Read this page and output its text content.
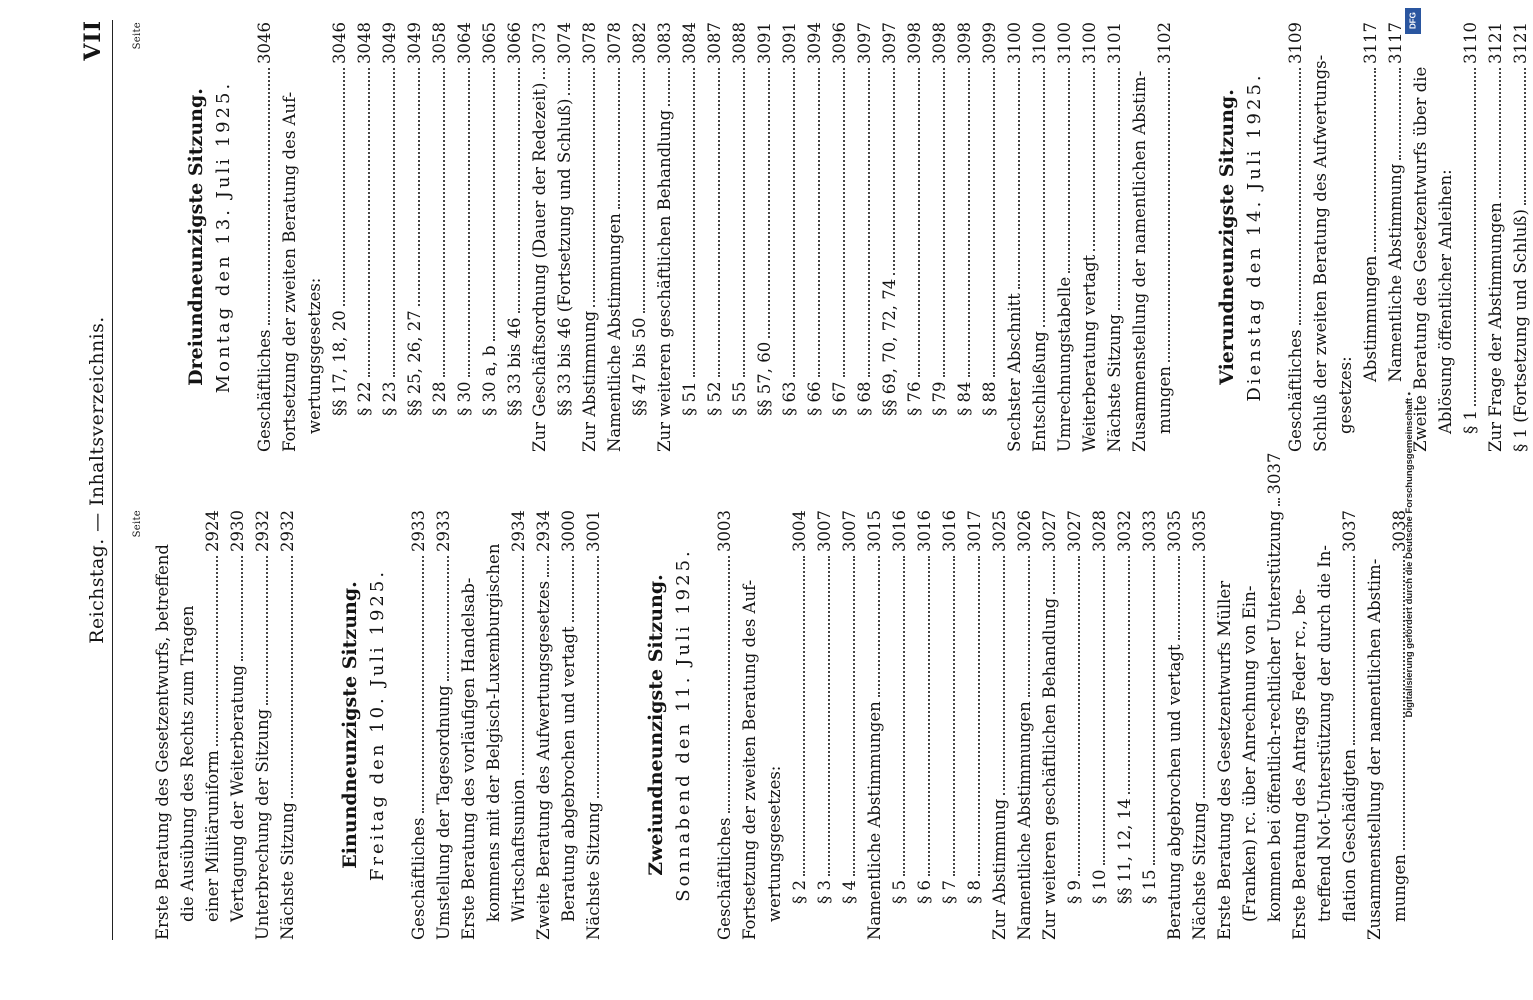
Reichstag. — Inhaltsverzeichnis.
VII
Seite
Erste Beratung des Gesetzentwurfs, betreffend die Ausübung des Rechts zum Tragen einer Militäruniform
2924
Vertagung der Weiterberatung
2930
Unterbrechung der Sitzung
2932
Nächste Sitzung
2932
Einundneunzigste Sitzung. Freitag den 10. Juli 1925. Geschäftliches
2933
Umstellung der Tagesordnung
2933
Erste Beratung des vorläufigen Handelsab- kommens mit der Belgisch-Luxemburgischen Wirtschaftsunion
2934
Zweite Beratung des Aufwertungsgesetzes
2934
Beratung abgebrochen und vertagt
3000
Nächste Sitzung
3001
Zweiundneunzigste Sitzung. Sonnabend den 11. Juli 1925. Geschäftliches
3003
Fortsetzung der zweiten Beratung des Auf- wertungsgesetzes: § 2
3004
§ 3
3007
§ 4
3007
Namentliche Abstimmungen
3015
§ 5
3016
§ 6
3016
§ 7
3016
§ 8
3017
Zur Abstimmung
3025
Namentliche Abstimmungen
3026
Zur weiteren geschäftlichen Behandlung
3027
§ 9
3027
§ 10
3028
§§ 11, 12, 14
3032
§ 15
3033
Beratung abgebrochen und vertagt
3035
Nächste Sitzung
3035
Erste Beratung des Gesetzentwurfs Müller (Franken) rc. über Anrechnung von Ein- kommen bei öffentlich-rechtlicher Unterstützung
3037
Erste Beratung des Antrags Feder rc., be- treffend Not-Unterstützung der durch die In- flation Geschädigten
3037
Zusammenstellung der namentlichen Abstim- mungen
3038
Seite
Dreiundneunzigste Sitzung. Montag den 13. Juli 1925. Geschäftliches
3046
Fortsetzung der zweiten Beratung des Auf- wertungsgesetzes: §§ 17, 18, 20
3046
§ 22
3048
§ 23
3049
§§ 25, 26, 27
3049
§ 28
3058
§ 30
3064
§ 30 a, b
3065
§§ 33 bis 46
3066
Zur Geschäftsordnung (Dauer der Redezeit)
3073
§§ 33 bis 46 (Fortsetzung und Schluß)
3074
Zur Abstimmung
3078
Namentliche Abstimmungen
3078
§§ 47 bis 50
3082
Zur weiteren geschäftlichen Behandlung
3083
§ 51
3084
§ 52
3087
§ 55
3088
§§ 57, 60
3091
§ 63
3091
§ 66
3094
§ 67
3096
§ 68
3097
§§ 69, 70, 72, 74
3097
§ 76
3098
§ 79
3098
§ 84
3098
§ 88
3099
Sechster Abschnitt
3100
Entschließung
3100
Umrechnungstabelle
3100
Weiterberatung vertagt
3100
Nächste Sitzung
3101
Zusammenstellung der namentlichen Abstim- mungen
3102
Vierundneunzigste Sitzung. Dienstag den 14. Juli 1925. Geschäftliches
3109
Schluß der zweiten Beratung des Aufwertungs- gesetzes:
Abstimmungen
3117
Namentliche Abstimmung
3117
Zweite Beratung des Gesetzentwurfs über die Ablösung öffentlicher Anleihen: § 1
3110
Zur Frage der Abstimmungen
3121
§ 1 (Fortsetzung und Schluß)
3121
DFG
Digitalisierung gefördert durch die Deutsche Forschungsgemeinschaft •
